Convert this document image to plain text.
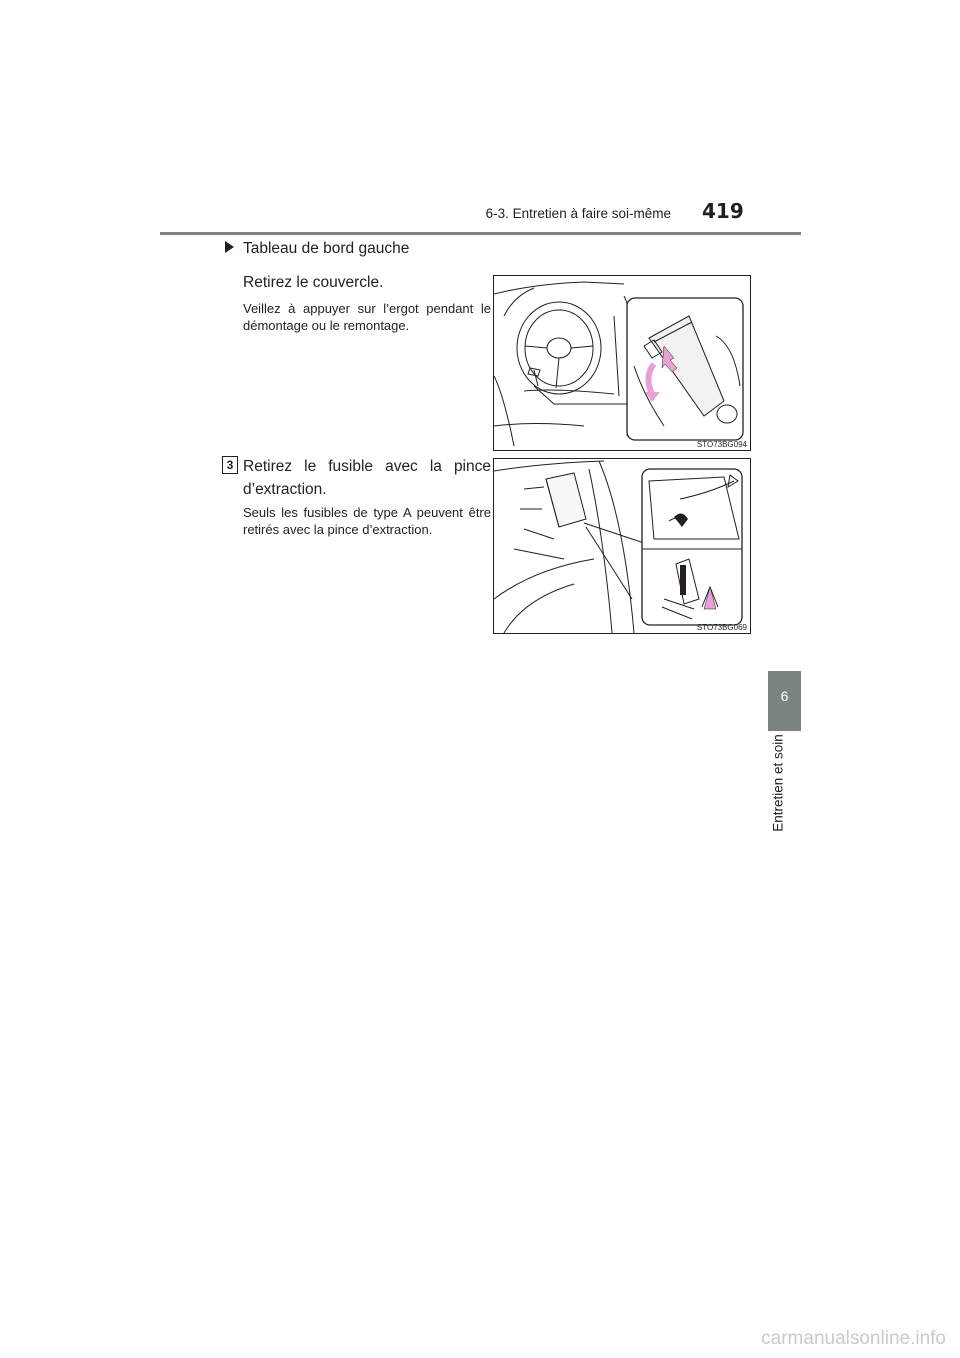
6-3. Entretien à faire soi-même 419
6
Entretien et soin
Tableau de bord gauche
Retirez le couvercle.
Veillez à appuyer sur l’ergot pendant le démontage ou le remontage.
STO73BG094
3 Retirez le fusible avec la pince d’extraction.
Seuls les fusibles de type A peuvent être retirés avec la pince d’extraction.
STO73BG069
carmanualsonline.info
